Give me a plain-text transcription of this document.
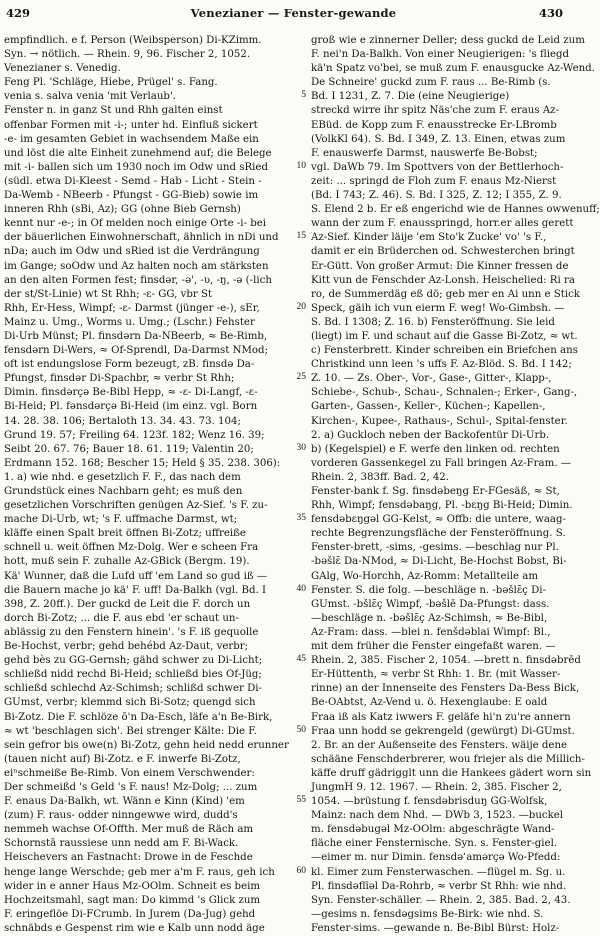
429	Venezianer — Fenster-gewande	430
empfindlich. e f. Person (Weibsperson) Di-KZimm.
Syn. → nötlich. — Rhein. 9, 96. Fischer 2, 1052.
Venezianer s. Venedig.
Feng Pl. 'Schläge, Hiebe, Prügel' s. Fang.
venia s. salva venia 'mit Verlaub'.
Fenster n. in ganz St und Rhh galten einst
offenbar Formen mit -i-; unter hd. Einfluß sickert
-e- im gesamten Gebiet in wachsendem Maße ein
und löst die alte Einheit zunehmend auf; die Belege
mit -i- ballen sich um 1930 noch im Odw und sRied
(südl. etwa Di-Kleest - Semd - Hab - Licht - Stein -
Da-Wemb - NBeerb - Pfungst - GG-Bieb) sowie im
inneren Rhh (sBi, Az); GG (ohne Bieb Gernsh)
kennt nur -e-; in Of melden noch einige Orte -i- bei
der bäuerlichen Einwohnerschaft, ähnlich in nDi und
nDa; auch im Odw und sRied ist die Verdrängung
im Gange; soOdw und Az halten noch am stärksten
an den alten Formen fest; finsdər, -ə', -ʋ, -ŋ, -ə (-lich
der st/St-Linie) wt St Rhh; -ɛ- GG, vbr St
Rhh, Er-Hess, Wimpf; -ɛ- Darmst (jünger -e-), sEr,
Mainz u. Umg., Worms u. Umg.; (Lschr.) Fehster
Di-Urb Münst; Pl. finsdərn Da-NBeerb, ≈ Be-Rimb,
fensdərn Di-Wers, ≈ Of-Sprendl, Da-Darmst NMod;
oft ist endungslose Form bezeugt, zB. finsdə Da-
Pfungst, finsdər Di-Spachbr, ≈ verbr St Rhh;
Dimin. finsdərçə Be-Bibl Hepp, ≈ -ɛ- Di-Langf, -ɛ-
Bi-Heid; Pl. fənsdərçə Bi-Heid (im einz. vgl. Born
14. 28. 38. 106; Bertaloth 13. 34. 43. 73. 104;
Grund 19. 57; Freiling 64. 123f. 182; Wenz 16. 39;
Seibt 20. 67. 76; Bauer 18. 61. 119; Valentin 20;
Erdmann 152. 168; Bescher 15; Held § 35. 238. 306):
1. a) wie nhd. e gesetzlich F. F., das nach dem
Grundstück eines Nachbarn geht; es muß den
gesetzlichen Vorschriften genügen Az-Sief. 's F. zu-
mache Di-Urb, wt; 's F. uffmache Darmst, wt;
kläffe einen Spalt breit öffnen Bi-Zotz; uffreiße
schnell u. weit öffnen Mz-Dolg. Wer e scheen Fra
hott, muß sein F. zuhalle Az-GBick (Bergm. 19).
Kä' Wunner, daß die Lufd uff 'em Land so gud iß —
die Bauern mache jo kä' F. uff! Da-Balkh (vgl. Bd. I
398, Z. 20ff.). Der guckd de Leit die F. dorch un
dorch Bi-Zotz; ... die F. aus ebd 'er schaut un-
ablässig zu den Fenstern hinein'. 's F. iß gequolle
Be-Hochst, verbr; gehd behébd Az-Daut, verbr;
gehd bès zu GG-Gernsh; gähd schwer zu Di-Licht;
schließd nidd rechd Bi-Heid; schließd bies Of-Jüg;
schließd schlechd Az-Schimsh; schlißd schwer Di-
GUmst, verbr; klemmd sich Bi-Sotz; quengd sich
Bi-Zotz. Die F. schlöze ō'n Da-Esch, läfe a'n Be-Birk,
≈ wt 'beschlagen sich'. Bei strenger Kälte: Die F.
sein gefror bis owe(n) Bi-Zotz, gehn heid nedd erunner
(tauen nicht auf) Bi-Zotz. e F. inwerfe Bi-Zotz,
eiⁿschmeiße Be-Rimb. Von einem Verschwender:
Der schmeißd 's Geld 's F. naus! Mz-Dolg; ... zum
F. enaus Da-Balkh, wt. Wänn e Kinn (Kind) 'em
(zum) F. raus- odder ninngewwe wird, dudd's
nemmeh wachse Of-Offth. Mer muß de Räch am
Schornstā raussiese unn nedd am F. Bi-Wack.
Heischevers an Fastnacht: Drowe in de Feschde
henge lange Werschde; geb mer a'm F. raus, geh ich
wider in e anner Haus Mz-OOlm. Schneit es beim
Hochzeitsmahl, sagt man: Do kimmd 's Glick zum
F. eringeflöe Di-FCrumb. In Jurem (Da-Jug) gehd
schnäbds e Gespenst rim wie e Kalb unn nodd äge
5
10
15
20
25
30
35
40
45
50
55
60
groß wie e zinnerner Deller; dess guckd de Leid zum
F. nei'n Da-Balkh. Von einer Neugierigen: 's fliegd
kä'n Spatz vo'bei, se muß zum F. enausgucke Az-Wend.
De Schneire' guckd zum F. raus ... Be-Rimb (s.
Bd. I 1231, Z. 7. Die (eine Neugierige)
streckd wirre ihr spitz Näs'che zum F. eraus Az-
EBüd. de Kopp zum F. enausstrecke Er-LBromb
(VolkKl 64). S. Bd. I 349, Z. 13. Einen, etwas zum
F. enauswerfe Darmst, nauswerfe Be-Bobst;
vgl. DaWb 79. Im Spottvers von der Bettlerhoch-
zeit: ... springd de Floh zum F. enaus Mz-Nierst
(Bd. I 743; Z. 46). S. Bd. I 325, Z. 12; I 355, Z. 9.
S. Elend 2 b. Er eß engerichd wie de Hannes owwenuff;
wann der zum F. enausspringd, horr.er alles gerett
Az-Sief. Kinder läije 'em Sto'k Zucke' vo' 's F.,
damit er ein Brüderchen od. Schwesterchen bringt
Er-Gütt. Von großer Armut: Die Kinner fressen de
Kitt vun de Fenschder Az-Lonsh. Heischelied: Ri ra
ro, de Summerdäg eß dö; geb mer en Ai unn e Stick
Speck, gäih ich vun eierm F. weg! Wo-Gimbsh. —
S. Bd. I 1308; Z. 16. b) Fensteröffnung. Sie leid
(liegt) im F. und schaut auf die Gasse Bi-Zotz, ≈ wt.
c) Fensterbrett. Kinder schreiben ein Briefchen ans
Christkind unn leen 's uffs F. Az-Blöd. S. Bd. I 142;
Z. 10. — Zs. Ober-, Vor-, Gase-, Gitter-, Klapp-,
Schiebe-, Schub-, Schau-, Schnalen-; Erker-, Gang-,
Garten-, Gassen-, Keller-, Küchen-; Kapellen-,
Kirchen-, Kupee-, Rathaus-, Schul-, Spital-fenster.
2. a) Guckloch neben der Backofentür Di-Urb.
b) (Kegelspiel) e F. werfe den linken od. rechten
vorderen Gassenkegel zu Fall bringen Az-Fram. —
Rhein. 2, 383ff. Bad. 2, 42.
Fenster-bank f. Sg. finsdəbeŋg Er-FGesäß, ≈ St,
Rhh, Wimpf; fensdəbaŋg, Pl. -bɛŋg Bi-Heid; Dimin.
fensdəbɛŋgəl GG-Kelst, ≈ Offb: die untere, waag-
rechte Begrenzungsfläche der Fensteröffnung. S.
Fenster-brett, -sims, -gesims. —beschlag nur Pl.
-bəšlɛ̄ Da-NMod, ≈ Di-Licht, Be-Hochst Bobst, Bi-
GAlg, Wo-Horchh, Az-Romm: Metallteile am
Fenster. S. die folg. —beschläge n. -bəšlɛ̄ç Di-
GUmst. -bšlɛ̄ç Wimpf, -bəšlē Da-Pfungst: dass.
—beschläge n. -bəšlɛ̄ç Az-Schimsh, ≈ Be-Bibl,
Az-Fram: dass. —blei n. fenšdəblai Wimpf: Bl.,
mit dem früher die Fenster eingefaßt waren. —
Rhein. 2, 385. Fischer 2, 1054. —brett n. finsdəbrēd
Er-Hüttenth, ≈ verbr St Rhh: 1. Br. (mit Wasser-
rinne) an der Innenseite des Fensters Da-Bess Bick,
Be-OAbtst, Az-Vend u. ö. Hexenglaube: E oald
Fraa iß als Katz iwwers F. geläfe hi'n zu're annern
Fraa unn hodd se gekrengeld (gewürgt) Di-GUmst.
2. Br. an der Außenseite des Fensters. wäije dene
schääne Fenschderbrerer, wou friejer als die Millich-
käffe druff gädrigglt unn die Hankees gädert worn sin
JungmH 9. 12. 1967. — Rhein. 2, 385. Fischer 2,
1054. —brüstung f. fensdəbrisduŋ GG-Wolfsk,
Mainz: nach dem Nhd. — DWb 3, 1523. —buckel
m. fensdəbugəl Mz-OOlm: abgeschrägte Wand-
fläche einer Fensternische. Syn. s. Fenster-giel.
—eimer m. nur Dimin. fensdəʾamərçə Wo-Pfedd:
kl. Eimer zum Fensterwaschen. —flügel m. Sg. u.
Pl. finsdəflīəl Da-Rohrb, ≈ verbr St Rhh: wie nhd.
Syn. Fenster-schäller. — Rhein. 2, 385. Bad. 2, 43.
—gesims n. fensdəgsims Be-Birk: wie nhd. S.
Fenster-sims. —gewande n. Be-Bibl Bürst: Holz-
